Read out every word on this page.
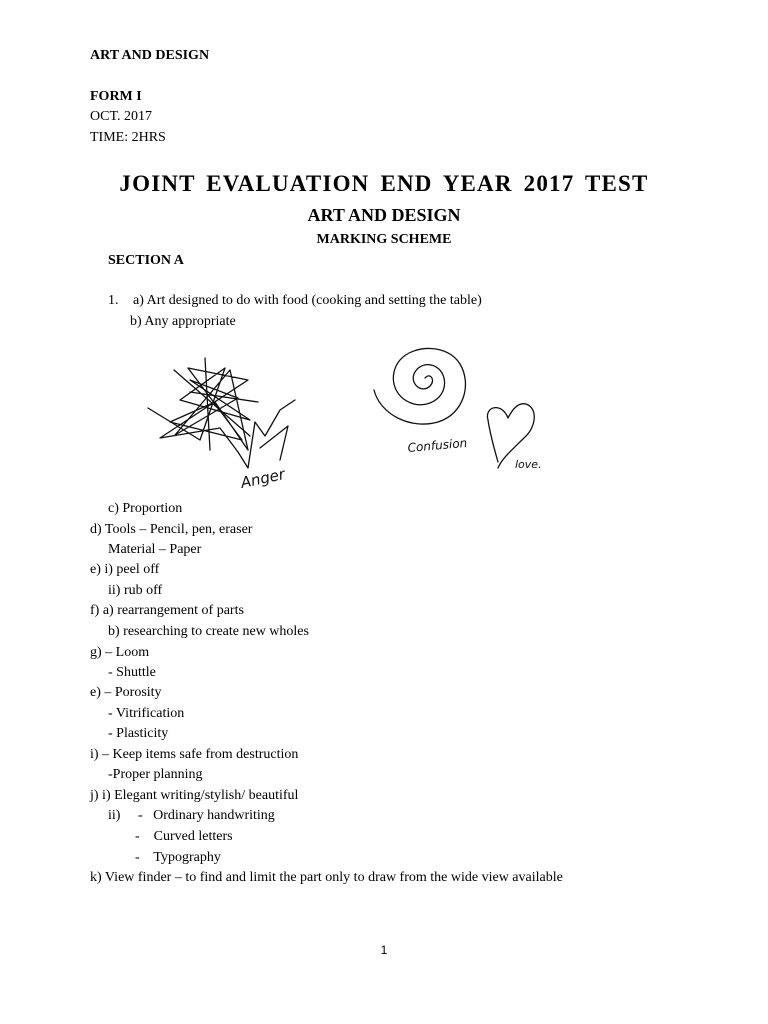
ART AND DESIGN
FORM I
OCT. 2017
TIME: 2HRS
JOINT EVALUATION END YEAR 2017 TEST
ART AND DESIGN
MARKING SCHEME
SECTION A
1. a) Art designed to do with food (cooking and setting the table)
b) Any appropriate
Anger
Confusion
love.
c) Proportion
d) Tools – Pencil, pen, eraser
Material – Paper
e) i) peel off
ii) rub off
f) a) rearrangement of parts
b) researching to create new wholes
g) – Loom
- Shuttle
e) – Porosity
- Vitrification
- Plasticity
i) – Keep items safe from destruction
-Proper planning
j) i) Elegant writing/stylish/ beautiful
ii)     -   Ordinary handwriting
-    Curved letters
-    Typography
k) View finder – to find and limit the part only to draw from the wide view available
1
